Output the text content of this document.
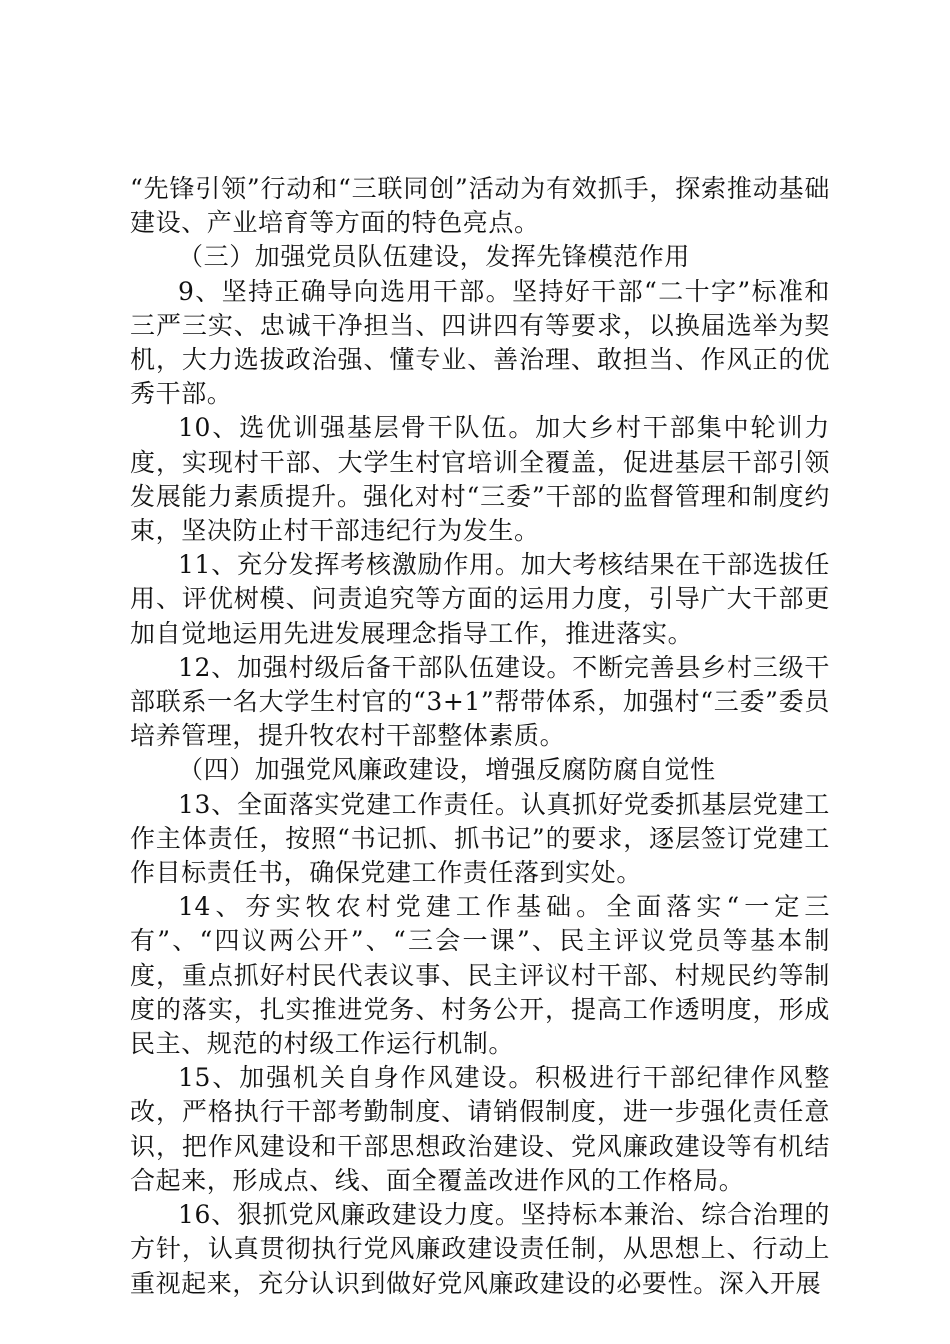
“先锋引领”行动和“三联同创”活动为有效抓手，探索推动基础建设、产业培育等方面的特色亮点。

（三）加强党员队伍建设，发挥先锋模范作用

9、坚持正确导向选用干部。坚持好干部“二十字”标准和三严三实、忠诚干净担当、四讲四有等要求，以换届选举为契机，大力选拔政治强、懂专业、善治理、敢担当、作风正的优秀干部。

10、选优训强基层骨干队伍。加大乡村干部集中轮训力度，实现村干部、大学生村官培训全覆盖，促进基层干部引领发展能力素质提升。强化对村“三委”干部的监督管理和制度约束，坚决防止村干部违纪行为发生。

11、充分发挥考核激励作用。加大考核结果在干部选拔任用、评优树模、问责追究等方面的运用力度，引导广大干部更加自觉地运用先进发展理念指导工作，推进落实。

12、加强村级后备干部队伍建设。不断完善县乡村三级干部联系一名大学生村官的“3+1”帮带体系，加强村“三委”委员培养管理，提升牧农村干部整体素质。

（四）加强党风廉政建设，增强反腐防腐自觉性

13、全面落实党建工作责任。认真抓好党委抓基层党建工作主体责任，按照“书记抓、抓书记”的要求，逐层签订党建工作目标责任书，确保党建工作责任落到实处。

14、夯实牧农村党建工作基础。全面落实“一定三有”、“四议两公开”、“三会一课”、民主评议党员等基本制度，重点抓好村民代表议事、民主评议村干部、村规民约等制度的落实，扎实推进党务、村务公开，提高工作透明度，形成民主、规范的村级工作运行机制。

15、加强机关自身作风建设。积极进行干部纪律作风整改，严格执行干部考勤制度、请销假制度，进一步强化责任意识，把作风建设和干部思想政治建设、党风廉政建设等有机结合起来，形成点、线、面全覆盖改进作风的工作格局。

16、狠抓党风廉政建设力度。坚持标本兼治、综合治理的方针，认真贯彻执行党风廉政建设责任制，从思想上、行动上重视起来，充分认识到做好党风廉政建设的必要性。深入开展
